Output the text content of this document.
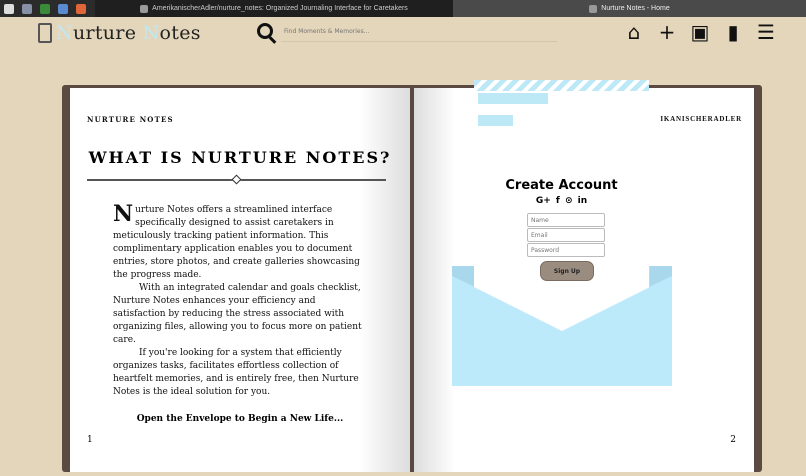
AmerikanischerAdler/nurture_notes: Organized Journaling Interface for Caretakers	Nurture Notes - Home
Nurture Notes
Find Moments & Memories...	⌂ + ▣ ▮ ☰
NURTURE NOTES
WHAT IS NURTURE NOTES?

Nurture Notes offers a streamlined interface specifically designed to assist caretakers in meticulously tracking patient information. This complimentary application enables you to document entries, store photos, and create galleries showcasing the progress made.

With an integrated calendar and goals checklist, Nurture Notes enhances your efficiency and satisfaction by reducing the stress associated with organizing files, allowing you to focus more on patient care.

If you're looking for a system that efficiently organizes tasks, facilitates effortless collection of heartfelt memories, and is entirely free, then Nurture Notes is the ideal solution for you.

Open the Envelope to Begin a New Life...
1
IKANISCHERADLER
Create Account
G+ f ⊙ in
Name
Email
Sign Up
2
